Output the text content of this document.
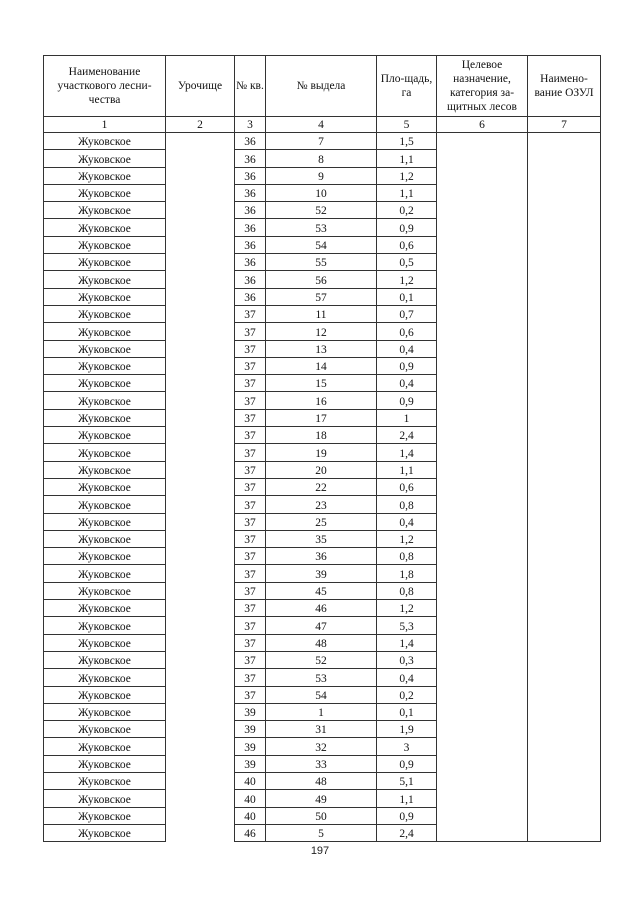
Наименование участкового лесни-чества	Урочище	№ кв.	№ выдела	Пло-щадь, га	Целевое назначение, категория за-щитных лесов	Наимено-вание ОЗУЛ
1	2	3	4	5	6	7
Жуковское		36	7	1,5		
Жуковское		36	8	1,1		
Жуковское		36	9	1,2		
Жуковское		36	10	1,1		
Жуковское		36	52	0,2		
Жуковское		36	53	0,9		
Жуковское		36	54	0,6		
Жуковское		36	55	0,5		
Жуковское		36	56	1,2		
Жуковское		36	57	0,1		
Жуковское		37	11	0,7		
Жуковское		37	12	0,6		
Жуковское		37	13	0,4		
Жуковское		37	14	0,9		
Жуковское		37	15	0,4		
Жуковское		37	16	0,9		
Жуковское		37	17	1		
Жуковское		37	18	2,4		
Жуковское		37	19	1,4		
Жуковское		37	20	1,1		
Жуковское		37	22	0,6		
Жуковское		37	23	0,8		
Жуковское		37	25	0,4		
Жуковское		37	35	1,2		
Жуковское		37	36	0,8		
Жуковское		37	39	1,8		
Жуковское		37	45	0,8		
Жуковское		37	46	1,2		
Жуковское		37	47	5,3		
Жуковское		37	48	1,4		
Жуковское		37	52	0,3		
Жуковское		37	53	0,4		
Жуковское		37	54	0,2		
Жуковское		39	1	0,1		
Жуковское		39	31	1,9		
Жуковское		39	32	3		
Жуковское		39	33	0,9		
Жуковское		40	48	5,1		
Жуковское		40	49	1,1		
Жуковское		40	50	0,9		
Жуковское		46	5	2,4		
197
